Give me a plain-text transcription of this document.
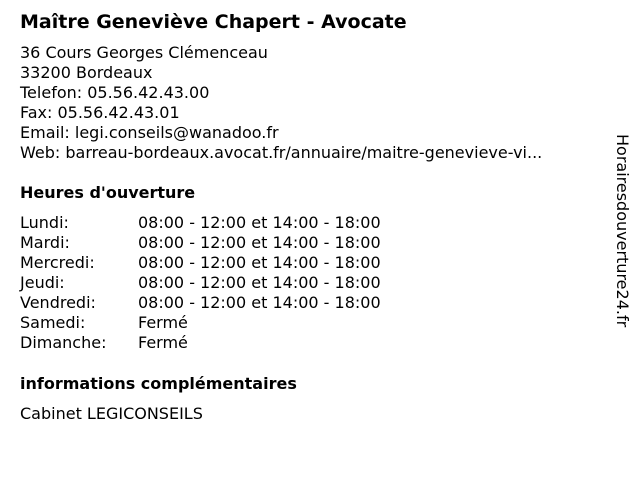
Maître Geneviève Chapert - Avocate
36 Cours Georges Clémenceau
33200 Bordeaux
Telefon: 05.56.42.43.00
Fax: 05.56.42.43.01
Email: legi.conseils@wanadoo.fr
Web: barreau-bordeaux.avocat.fr/annuaire/maitre-genevieve-vi...
Heures d'ouverture
Lundi:	08:00 - 12:00 et 14:00 - 18:00
Mardi:	08:00 - 12:00 et 14:00 - 18:00
Mercredi:	08:00 - 12:00 et 14:00 - 18:00
Jeudi:	08:00 - 12:00 et 14:00 - 18:00
Vendredi:	08:00 - 12:00 et 14:00 - 18:00
Samedi:	Fermé
Dimanche: Fermé
informations complémentaires
Cabinet LEGICONSEILS
Horairesdouverture24.fr
